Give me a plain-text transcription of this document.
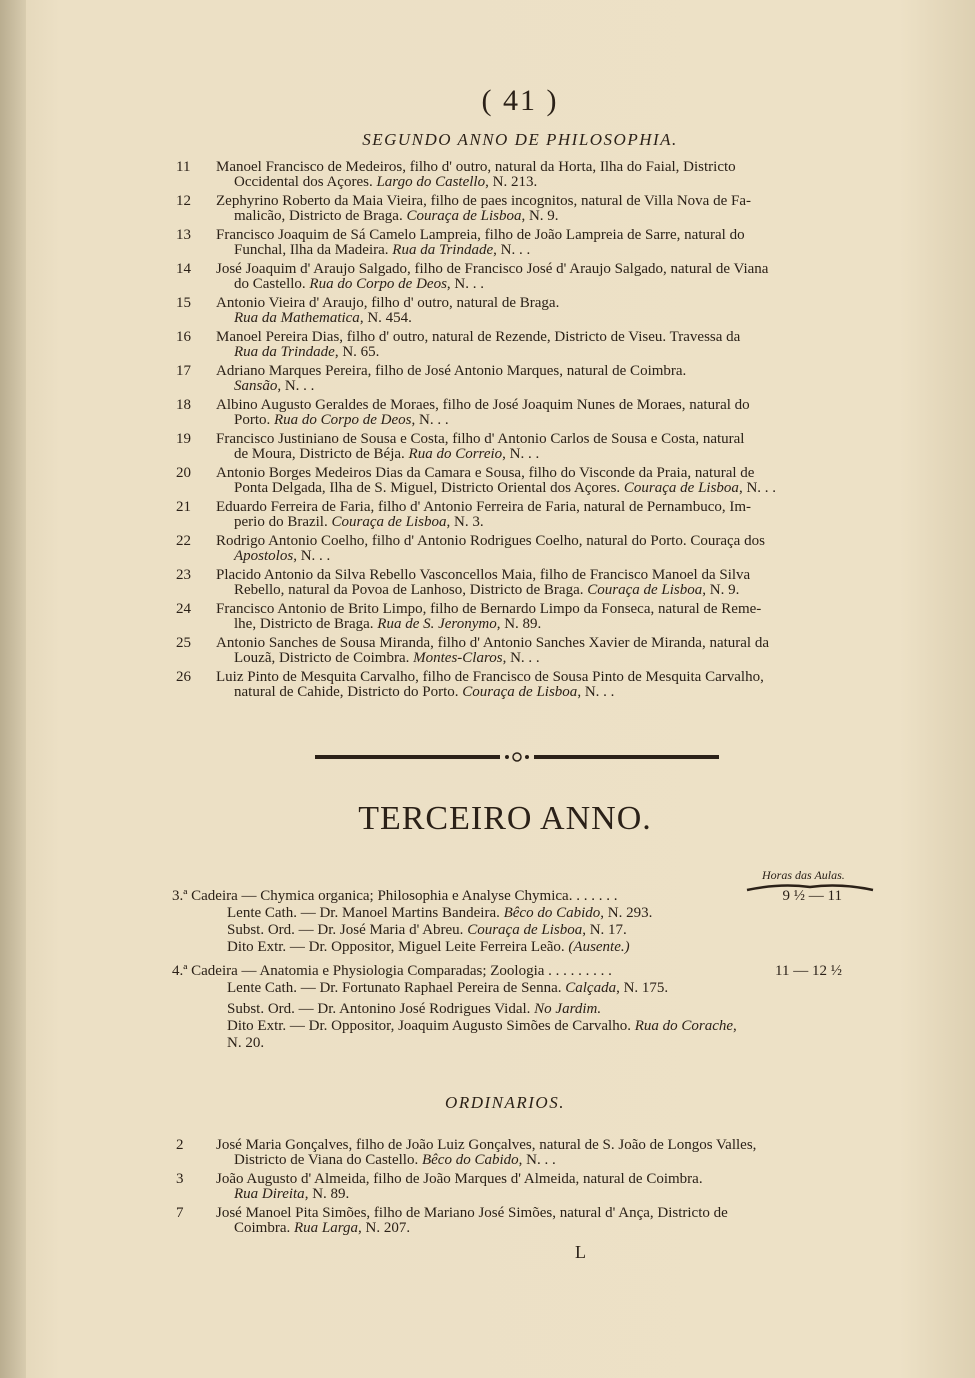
( 41 )
SEGUNDO ANNO DE PHILOSOPHIA.
11	Manoel Francisco de Medeiros, filho d' outro, natural da Horta, Ilha do Faial, Districto
Occidental dos Açores. Largo do Castello, N. 213.
12	Zephyrino Roberto da Maia Vieira, filho de paes incognitos, natural de Villa Nova de Fa-
malicão, Districto de Braga. Couraça de Lisboa, N. 9.
13	Francisco Joaquim de Sá Camelo Lampreia, filho de João Lampreia de Sarre, natural do
Funchal, Ilha da Madeira. Rua da Trindade, N. . .
14	José Joaquim d' Araujo Salgado, filho de Francisco José d' Araujo Salgado, natural de Viana
do Castello. Rua do Corpo de Deos, N. . .
15	Antonio Vieira d' Araujo, filho d' outro, natural de Braga.
Rua da Mathematica, N. 454.
16	Manoel Pereira Dias, filho d' outro, natural de Rezende, Districto de Viseu. Travessa da
Rua da Trindade, N. 65.
17	Adriano Marques Pereira, filho de José Antonio Marques, natural de Coimbra.
Sansão, N. . .
18	Albino Augusto Geraldes de Moraes, filho de José Joaquim Nunes de Moraes, natural do
Porto. Rua do Corpo de Deos, N. . .
19	Francisco Justiniano de Sousa e Costa, filho d' Antonio Carlos de Sousa e Costa, natural
de Moura, Districto de Béja. Rua do Correio, N. . .
20	Antonio Borges Medeiros Dias da Camara e Sousa, filho do Visconde da Praia, natural de
Ponta Delgada, Ilha de S. Miguel, Districto Oriental dos Açores. Couraça de Lisboa, N. . .
21	Eduardo Ferreira de Faria, filho d' Antonio Ferreira de Faria, natural de Pernambuco, Im-
perio do Brazil. Couraça de Lisboa, N. 3.
22	Rodrigo Antonio Coelho, filho d' Antonio Rodrigues Coelho, natural do Porto. Couraça dos
Apostolos, N. . .
23	Placido Antonio da Silva Rebello Vasconcellos Maia, filho de Francisco Manoel da Silva
Rebello, natural da Povoa de Lanhoso, Districto de Braga. Couraça de Lisboa, N. 9.
24	Francisco Antonio de Brito Limpo, filho de Bernardo Limpo da Fonseca, natural de Reme-
lhe, Districto de Braga. Rua de S. Jeronymo, N. 89.
25	Antonio Sanches de Sousa Miranda, filho d' Antonio Sanches Xavier de Miranda, natural da
Louzã, Districto de Coimbra. Montes-Claros, N. . .
26	Luiz Pinto de Mesquita Carvalho, filho de Francisco de Sousa Pinto de Mesquita Carvalho,
natural de Cahide, Districto do Porto. Couraça de Lisboa, N. . .
TERCEIRO ANNO.
Horas das Aulas.
3.ª Cadeira — Chymica organica; Philosophia e Analyse Chymica. . . . . . .	9 ½ — 11
Lente Cath. — Dr. Manoel Martins Bandeira. Bêco do Cabido, N. 293.
Subst. Ord. — Dr. José Maria d' Abreu. Couraça de Lisboa, N. 17.
Dito Extr. — Dr. Oppositor, Miguel Leite Ferreira Leão. (Ausente.)
4.ª Cadeira — Anatomia e Physiologia Comparadas; Zoologia . . . . . . . . .	11 — 12 ½
Lente Cath. — Dr. Fortunato Raphael Pereira de Senna. Calçada, N. 175.
Subst. Ord. — Dr. Antonino José Rodrigues Vidal. No Jardim.
Dito Extr. — Dr. Oppositor, Joaquim Augusto Simões de Carvalho. Rua do Corache, N. 20.
ORDINARIOS.
2	José Maria Gonçalves, filho de João Luiz Gonçalves, natural de S. João de Longos Valles,
Districto de Viana do Castello. Bêco do Cabido, N. . .
3	João Augusto d' Almeida, filho de João Marques d' Almeida, natural de Coimbra.
Rua Direita, N. 89.
7	José Manoel Pita Simões, filho de Mariano José Simões, natural d' Ança, Districto de
Coimbra. Rua Larga, N. 207.
L
